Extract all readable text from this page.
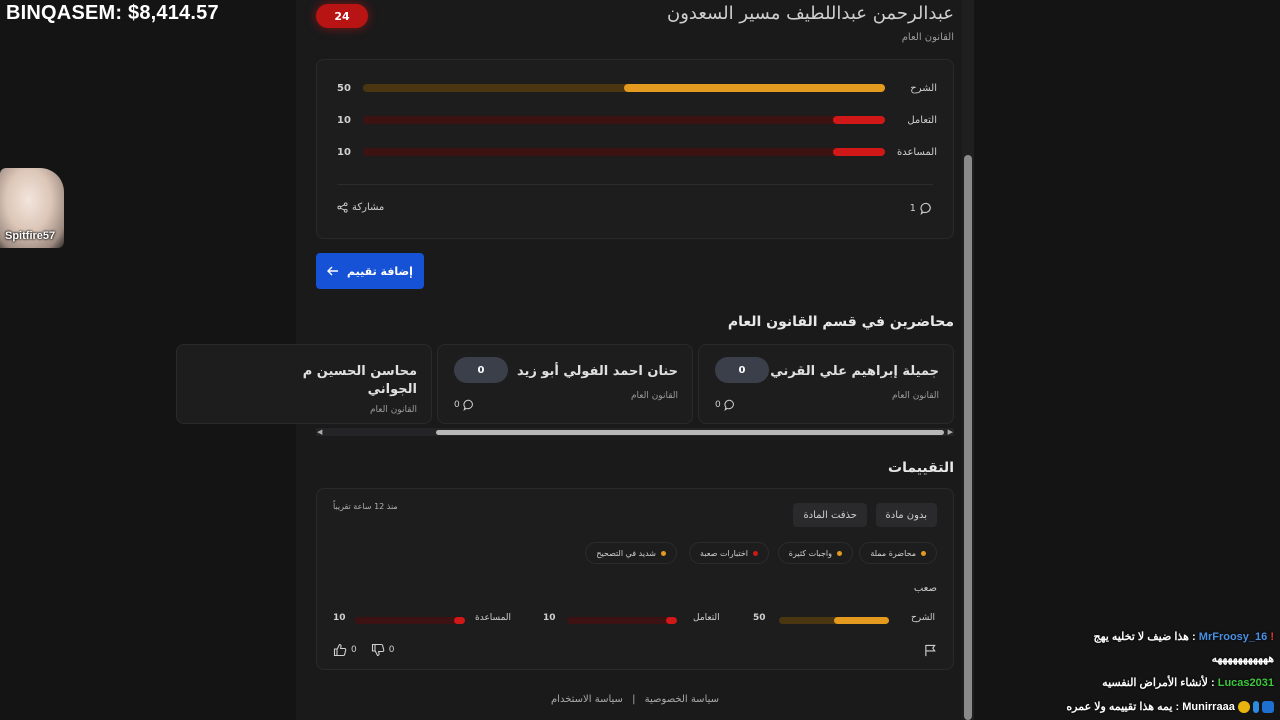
BINQASEM: $8,414.57
Spitfire57
24	عبدالرحمن عبداللطيف مسير السعدون
القانون العام
50	الشرح
10	التعامل
10	المساعدة
مشاركة	1
إضافة تقييم
محاضرين في قسم القانون العام
جميلة إبراهيم علي القرني
القانون العام
0
0
حنان احمد الفولي أبو زيد
القانون العام
0
0
محاسن الحسين م الجواني
القانون العام
◀	▶
التقييمات
منذ 12 ساعة تقريباً
بدون مادة
حذفت المادة
محاضرة مملة
واجبات كثيرة
اختبارات صعبة
شديد في التصحيح
صعب
الشرح
50
التعامل
10
المساعدة
10
0	0
سياسة الخصوصية | سياسة الاستخدام
هذا ضيف لا تخليه يهج : MrFroosy_16 !
هههههههههههه
لأنشاء الأمراض النفسيه : Lucas2031
يمه هذا تقييمه ولا عمره : Munirraaa
